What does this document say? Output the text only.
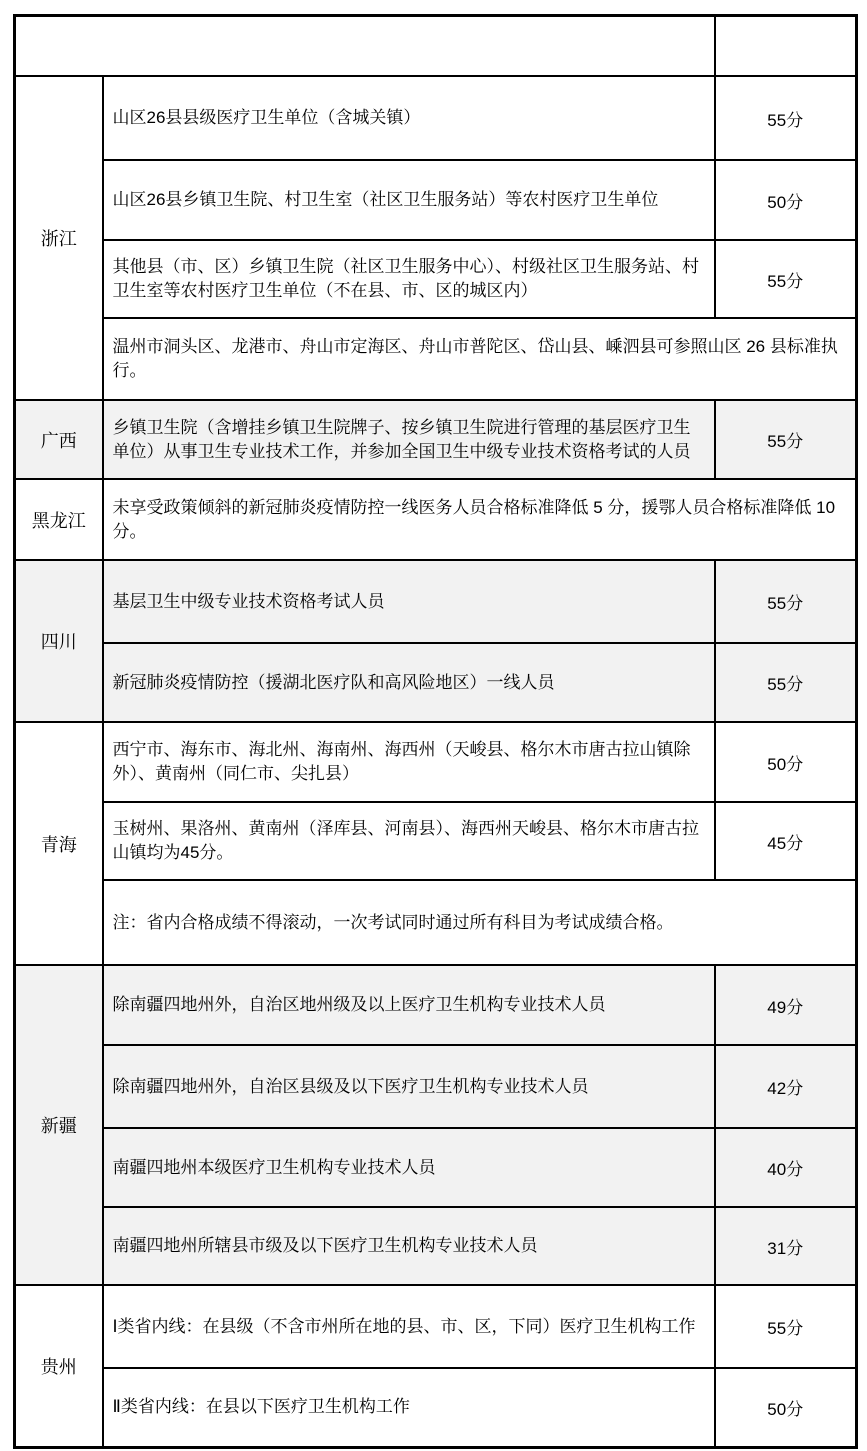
适用地区/人员		合格标准
浙江	山区26县县级医疗卫生单位（含城关镇）	55分
	山区26县乡镇卫生院、村卫生室（社区卫生服务站）等农村医疗卫生单位	50分
	其他县（市、区）乡镇卫生院（社区卫生服务中心）、村级社区卫生服务站、村卫生室等农村医疗卫生单位（不在县、市、区的城区内）	55分
	温州市洞头区、龙港市、舟山市定海区、舟山市普陀区、岱山县、嵊泗县可参照山区 26 县标准执行。	
广西	乡镇卫生院（含增挂乡镇卫生院牌子、按乡镇卫生院进行管理的基层医疗卫生单位）从事卫生专业技术工作，并参加全国卫生中级专业技术资格考试的人员	55分
黑龙江	未享受政策倾斜的新冠肺炎疫情防控一线医务人员合格标准降低 5 分，援鄂人员合格标准降低 10 分。	
四川	基层卫生中级专业技术资格考试人员	55分
	新冠肺炎疫情防控（援湖北医疗队和高风险地区）一线人员	55分
青海	西宁市、海东市、海北州、海南州、海西州（天峻县、格尔木市唐古拉山镇除外）、黄南州（同仁市、尖扎县）	50分
	玉树州、果洛州、黄南州（泽库县、河南县）、海西州天峻县、格尔木市唐古拉山镇均为45分。	45分
	注：省内合格成绩不得滚动，一次考试同时通过所有科目为考试成绩合格。	
新疆	除南疆四地州外，自治区地州级及以上医疗卫生机构专业技术人员	49分
	除南疆四地州外，自治区县级及以下医疗卫生机构专业技术人员	42分
	南疆四地州本级医疗卫生机构专业技术人员	40分
	南疆四地州所辖县市级及以下医疗卫生机构专业技术人员	31分
贵州	Ⅰ类省内线：在县级（不含市州所在地的县、市、区，下同）医疗卫生机构工作	55分
	Ⅱ类省内线：在县以下医疗卫生机构工作	50分
